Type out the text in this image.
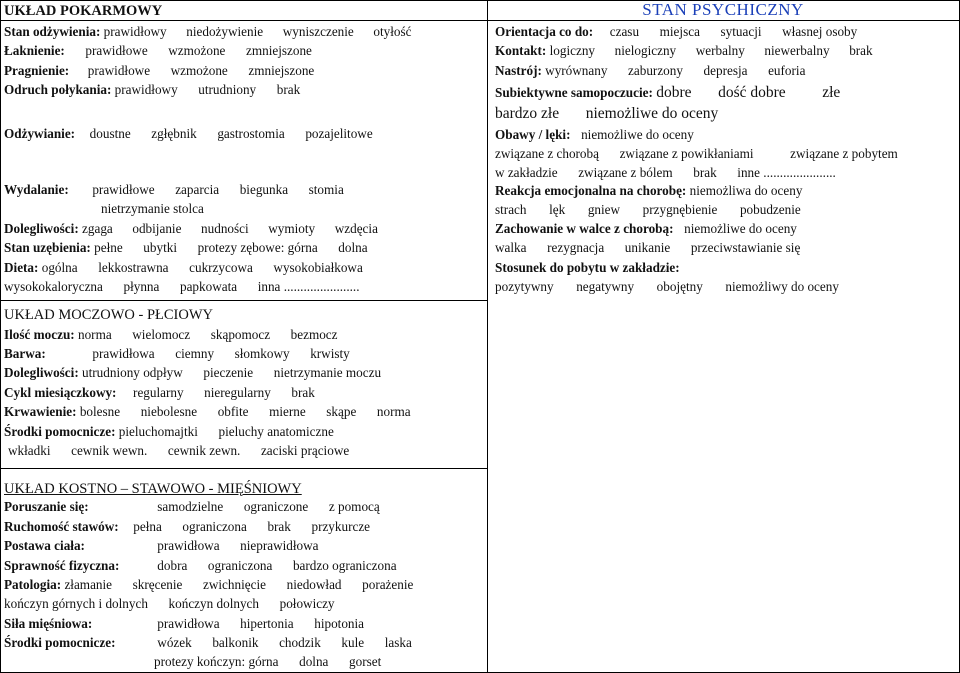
UKŁAD POKARMOWY
Stan odżywienia: prawidłowy niedożywienie wyniszczenie otyłość
Łaknienie: prawidłowe wzmożone zmniejszone
Pragnienie: prawidłowe wzmożone zmniejszone
Odruch połykania: prawidłowy utrudniony brak
Odżywianie: doustne zgłębnik gastrostomia pozajelitowe
Wydalanie: prawidłowe zaparcia biegunka stomia
nietrzymanie stolca
Dolegliwości: zgaga odbijanie nudności wymioty wzdęcia
Stan uzębienia: pełne ubytki protezy zębowe: górna dolna
Dieta: ogólna lekkostrawna cukrzycowa wysokobiałkowa
wysokokaloryczna płynna papkowata inna .......................
UKŁAD MOCZOWO - PŁCIOWY
Ilość moczu: norma wielomocz skąpomocz bezmocz
Barwa:	prawidłowa ciemny słomkowy krwisty
Dolegliwości: utrudniony odpływ pieczenie nietrzymanie moczu
Cykl miesiączkowy: regularny nieregularny brak
Krwawienie: bolesne niebolesne obfite mierne skąpe norma
Środki pomocnicze: pieluchomajtki pieluchy anatomiczne
wkładki cewnik wewn. cewnik zewn. zaciski prąciowe
UKŁAD KOSTNO – STAWOWO - MIĘŚNIOWY
Poruszanie się:	samodzielne ograniczone z pomocą
Ruchomość stawów: pełna ograniczona brak przykurcze
Postawa ciała:	prawidłowa nieprawidłowa
Sprawność fizyczna:	dobra ograniczona bardzo ograniczona
Patologia: złamanie skręcenie zwichnięcie niedowład porażenie
kończyn górnych i dolnych kończyn dolnych połowiczy
Siła mięśniowa:	prawidłowa hipertonia hipotonia
Środki pomocnicze:	wózek balkonik chodzik kule laska
protezy kończyn: górna dolna gorset
STAN PSYCHICZNY
Orientacja co do: czasu miejsca sytuacji własnej osoby
Kontakt: logiczny nielogiczny werbalny niewerbalny brak
Nastrój: wyrównany zaburzony depresja euforia
Subiektywne samopoczucie: dobre dość dobre złe
bardzo złe niemożliwe do oceny
Obawy / lęki: niemożliwe do oceny
związane z chorobą związane z powikłaniami	związane z pobytem
w zakładzie związane z bólem brak inne ......................
Reakcja emocjonalna na chorobę: niemożliwa do oceny
strach lęk gniew przygnębienie pobudzenie
Zachowanie w walce z chorobą: niemożliwe do oceny
walka rezygnacja unikanie przeciwstawianie się
Stosunek do pobytu w zakładzie:
pozytywny negatywny obojętny niemożliwy do oceny
